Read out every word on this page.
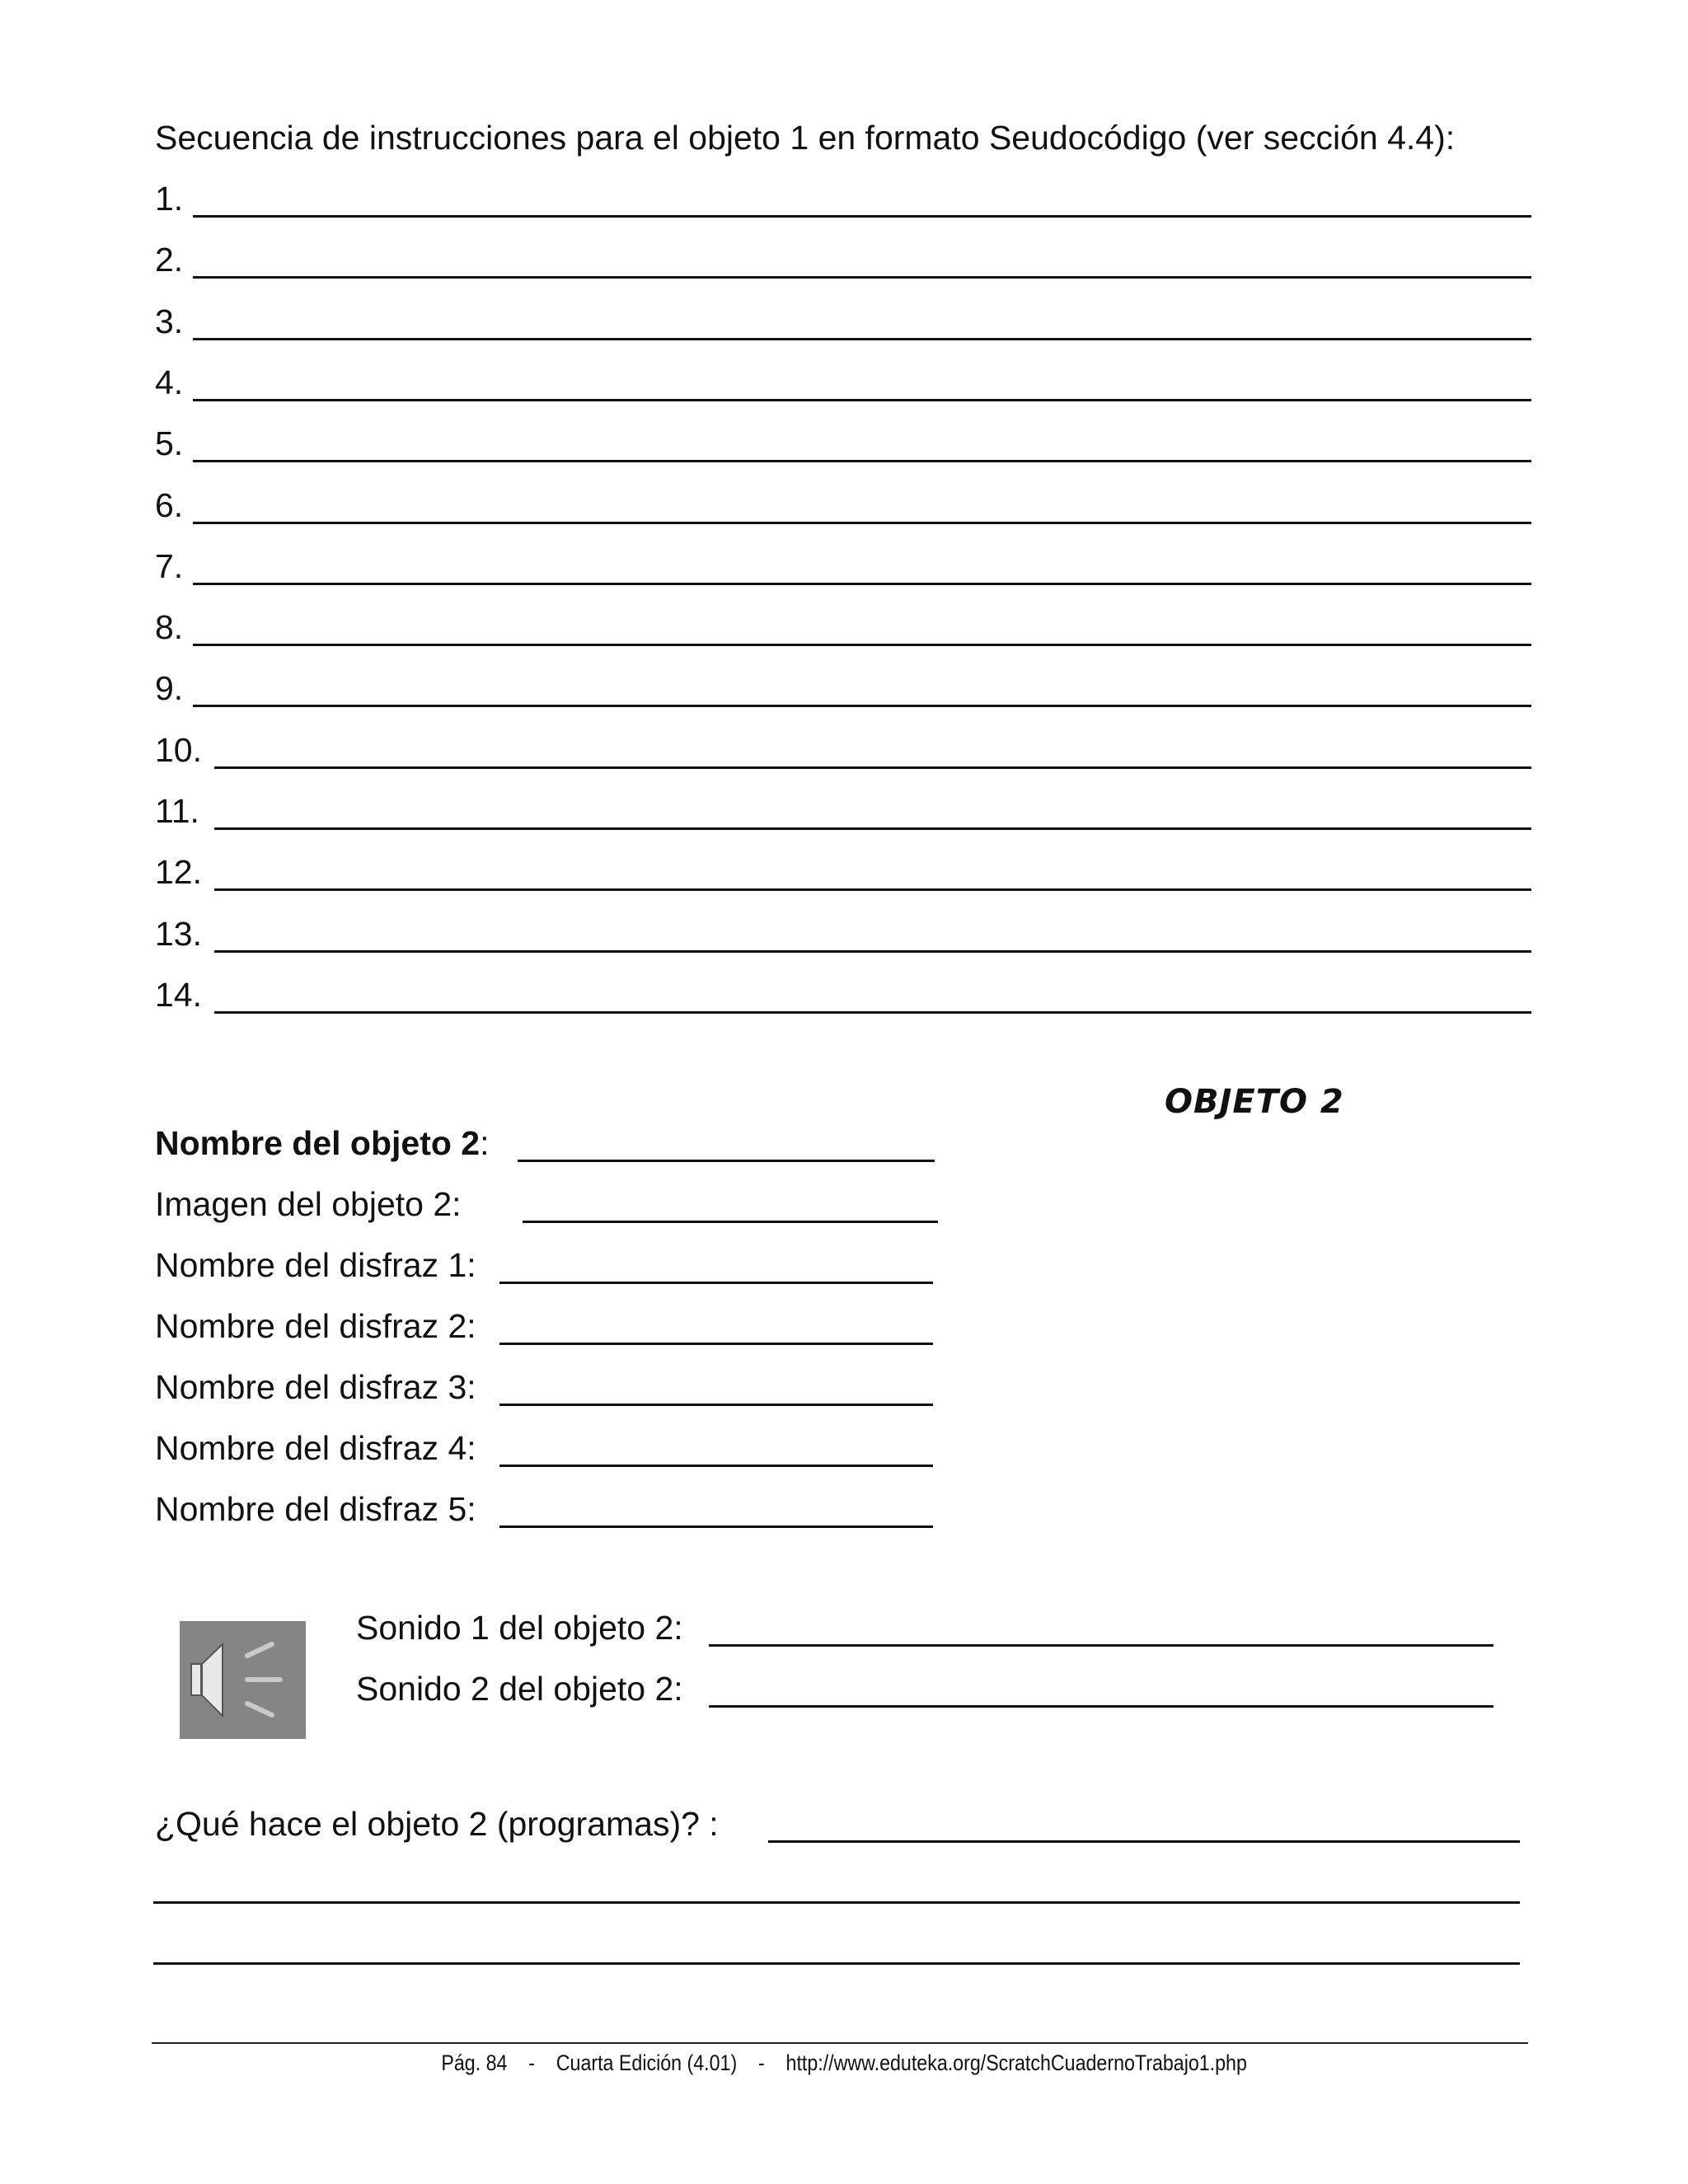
Secuencia de instrucciones para el objeto 1 en formato Seudocódigo (ver sección 4.4):
1.
2.
3.
4.
5.
6.
7.
8.
9.
10.
11.
12.
13.
14.
OBJETO 2
Nombre del objeto 2:
Imagen del objeto 2:
Nombre del disfraz 1:
Nombre del disfraz 2:
Nombre del disfraz 3:
Nombre del disfraz 4:
Nombre del disfraz 5:
Sonido 1 del objeto 2:
Sonido 2 del objeto 2:
¿Qué hace el objeto 2 (programas)? :
Pág. 84 - Cuarta Edición (4.01) - http://www.eduteka.org/ScratchCuadernoTrabajo1.php
